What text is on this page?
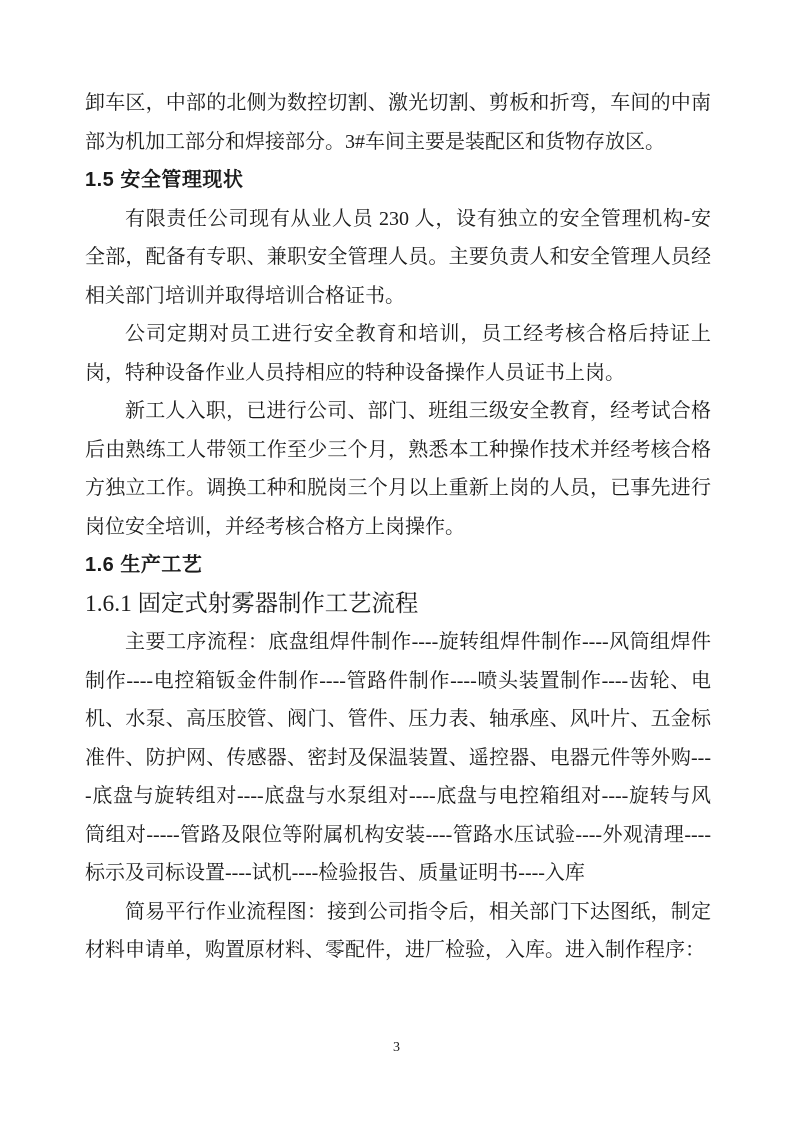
卸车区，中部的北侧为数控切割、激光切割、剪板和折弯，车间的中南部为机加工部分和焊接部分。3#车间主要是装配区和货物存放区。

1.5 安全管理现状

有限责任公司现有从业人员 230 人，设有独立的安全管理机构-安全部，配备有专职、兼职安全管理人员。主要负责人和安全管理人员经相关部门培训并取得培训合格证书。

公司定期对员工进行安全教育和培训，员工经考核合格后持证上岗，特种设备作业人员持相应的特种设备操作人员证书上岗。

新工人入职，已进行公司、部门、班组三级安全教育，经考试合格后由熟练工人带领工作至少三个月，熟悉本工种操作技术并经考核合格方独立工作。调换工种和脱岗三个月以上重新上岗的人员，已事先进行岗位安全培训，并经考核合格方上岗操作。

1.6 生产工艺
1.6.1 固定式射雾器制作工艺流程

主要工序流程：底盘组焊件制作----旋转组焊件制作----风筒组焊件制作----电控箱钣金件制作----管路件制作----喷头装置制作----齿轮、电机、水泵、高压胶管、阀门、管件、压力表、轴承座、风叶片、五金标准件、防护网、传感器、密封及保温装置、遥控器、电器元件等外购----底盘与旋转组对----底盘与水泵组对----底盘与电控箱组对----旋转与风筒组对-----管路及限位等附属机构安装----管路水压试验----外观清理----标示及司标设置----试机----检验报告、质量证明书----入库

简易平行作业流程图：接到公司指令后，相关部门下达图纸，制定材料申请单，购置原材料、零配件，进厂检验，入库。进入制作程序：

3
